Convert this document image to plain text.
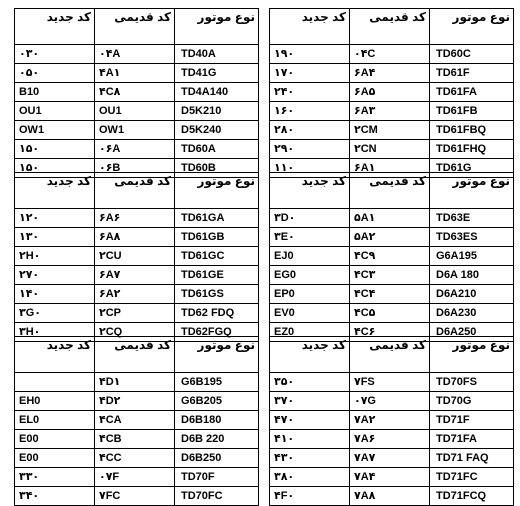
نوع موتور	کد قدیمی	کد جدید
TD60C	۰۴C	۱۹۰
TD61F	۶A۴	۱۷۰
TD61FA	۶A۵	۲۴۰
TD61FB	۶A۳	۱۶۰
TD61FBQ	۲CM	۲۸۰
TD61FHQ	۲CN	۲۹۰
TD61G	۶A۱	۱۱۰
نوع موتور	کد قدیمی	کد جدید
TD40A	۰۴A	۰۳۰
TD41G	۴A۱	۰۵۰
TD4A140	۴C۸	B10
D5K210	OU1	OU1
D5K240	OW1	OW1
TD60A	۰۶A	۱۵۰
TD60B	۰۶B	۱۵۰
نوع موتور	کد قدیمی	کد جدید
TD63E	۵A۱	۳D۰
TD63ES	۵A۲	۳E۰
G6A195	۴C۹	EJ0
D6A 180	۴C۳	EG0
D6A210	۴C۴	EP0
D6A230	۴C۵	EV0
D6A250	۴C۶	EZ0
نوع موتور	کد قدیمی	کد جدید
TD61GA	۶A۶	۱۲۰
TD61GB	۶A۸	۱۳۰
TD61GC	۲CU	۲H۰
TD61GE	۶A۷	۲۷۰
TD61GS	۶A۲	۱۴۰
TD62 FDQ	۲CP	۳G۰
TD62FGQ	۲CQ	۳H۰
نوع موتور	کد قدیمی	کد جدید
TD70FS	۷FS	۳۵۰
TD70G	۰۷G	۳۷۰
TD71F	۷A۲	۴۷۰
TD71FA	۷A۶	۴۱۰
TD71 FAQ	۷A۷	۴۳۰
TD71FC	۷A۴	۳۸۰
TD71FCQ	۷A۸	۴F۰
نوع موتور	کد قدیمی	کد جدید
G6B195	۴D۱	
G6B205	۴D۲	EH0
D6B180	۴CA	EL0
D6B 220	۴CB	E00
D6B250	۴CC	E00
TD70F	۰۷F	۳۳۰
TD70FC	۷FC	۳۴۰
